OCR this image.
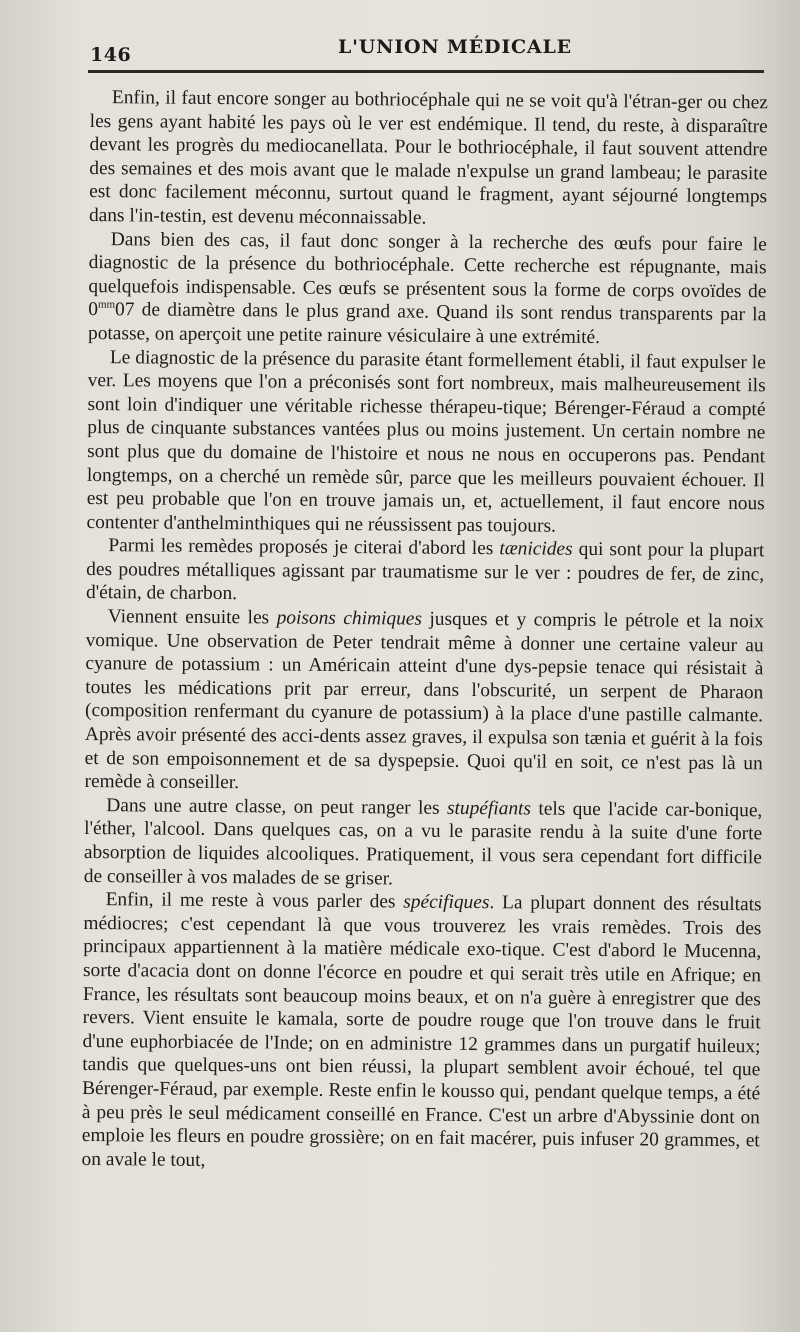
146	L'UNION MÉDICALE

Enfin, il faut encore songer au bothriocéphale qui ne se voit qu'à l'étran-ger ou chez les gens ayant habité les pays où le ver est endémique. Il tend, du reste, à disparaître devant les progrès du mediocanellata. Pour le bothriocéphale, il faut souvent attendre des semaines et des mois avant que le malade n'expulse un grand lambeau; le parasite est donc facilement méconnu, surtout quand le fragment, ayant séjourné longtemps dans l'in-testin, est devenu méconnaissable.

Dans bien des cas, il faut donc songer à la recherche des œufs pour faire le diagnostic de la présence du bothriocéphale. Cette recherche est répugnante, mais quelquefois indispensable. Ces œufs se présentent sous la forme de corps ovoïdes de $0^{mm}07$ de diamètre dans le plus grand axe. Quand ils sont rendus transparents par la potasse, on aperçoit une petite rainure vésiculaire à une extrémité.

Le diagnostic de la présence du parasite étant formellement établi, il faut expulser le ver. Les moyens que l'on a préconisés sont fort nombreux, mais malheureusement ils sont loin d'indiquer une véritable richesse thérapeu-tique; Bérenger-Féraud a compté plus de cinquante substances vantées plus ou moins justement. Un certain nombre ne sont plus que du domaine de l'histoire et nous ne nous en occuperons pas. Pendant longtemps, on a cherché un remède sûr, parce que les meilleurs pouvaient échouer. Il est peu probable que l'on en trouve jamais un, et, actuellement, il faut encore nous contenter d'anthelminthiques qui ne réussissent pas toujours.

Parmi les remèdes proposés je citerai d'abord les tænicides qui sont pour la plupart des poudres métalliques agissant par traumatisme sur le ver : poudres de fer, de zinc, d'étain, de charbon.

Viennent ensuite les poisons chimiques jusques et y compris le pétrole et la noix vomique. Une observation de Peter tendrait même à donner une certaine valeur au cyanure de potassium : un Américain atteint d'une dys-pepsie tenace qui résistait à toutes les médications prit par erreur, dans l'obscurité, un serpent de Pharaon (composition renfermant du cyanure de potassium) à la place d'une pastille calmante. Après avoir présenté des acci-dents assez graves, il expulsa son tænia et guérit à la fois et de son empoisonnement et de sa dyspepsie. Quoi qu'il en soit, ce n'est pas là un remède à conseiller.

Dans une autre classe, on peut ranger les stupéfiants tels que l'acide car-bonique, l'éther, l'alcool. Dans quelques cas, on a vu le parasite rendu à la suite d'une forte absorption de liquides alcooliques. Pratiquement, il vous sera cependant fort difficile de conseiller à vos malades de se griser.

Enfin, il me reste à vous parler des spécifiques. La plupart donnent des résultats médiocres; c'est cependant là que vous trouverez les vrais remèdes. Trois des principaux appartiennent à la matière médicale exo-tique. C'est d'abord le Mucenna, sorte d'acacia dont on donne l'écorce en poudre et qui serait très utile en Afrique; en France, les résultats sont beaucoup moins beaux, et on n'a guère à enregistrer que des revers. Vient ensuite le kamala, sorte de poudre rouge que l'on trouve dans le fruit d'une euphorbiacée de l'Inde; on en administre 12 grammes dans un purgatif huileux; tandis que quelques-uns ont bien réussi, la plupart semblent avoir échoué, tel que Bérenger-Féraud, par exemple. Reste enfin le kousso qui, pendant quelque temps, a été à peu près le seul médicament conseillé en France. C'est un arbre d'Abyssinie dont on emploie les fleurs en poudre grossière; on en fait macérer, puis infuser 20 grammes, et on avale le tout,
